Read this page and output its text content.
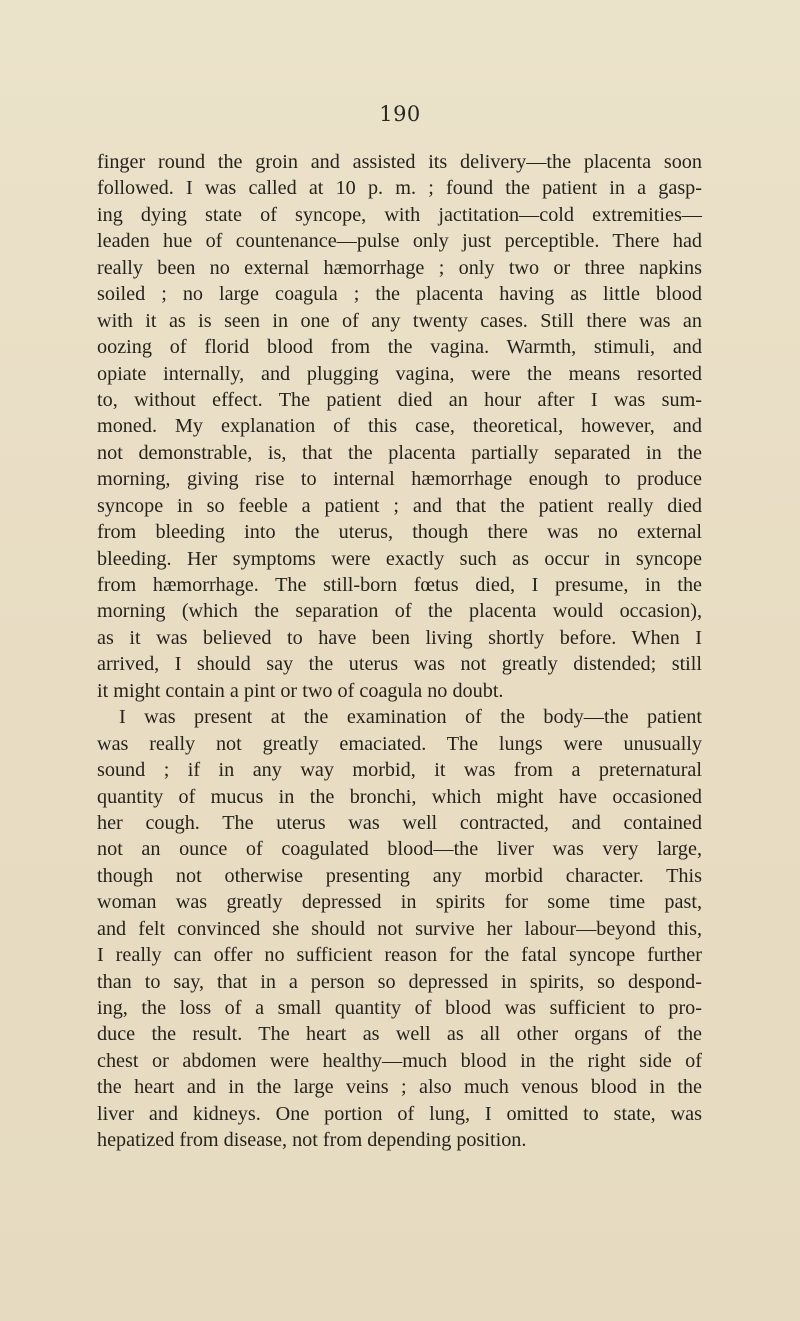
190
finger round the groin and assisted its delivery—the placenta soon
followed. I was called at 10 p. m. ; found the patient in a gasp-
ing dying state of syncope, with jactitation—cold extremities—
leaden hue of countenance—pulse only just perceptible. There had
really been no external hæmorrhage ; only two or three napkins
soiled ; no large coagula ; the placenta having as little blood
with it as is seen in one of any twenty cases. Still there was an
oozing of florid blood from the vagina. Warmth, stimuli, and
opiate internally, and plugging vagina, were the means resorted
to, without effect. The patient died an hour after I was sum-
moned. My explanation of this case, theoretical, however, and
not demonstrable, is, that the placenta partially separated in the
morning, giving rise to internal hæmorrhage enough to produce
syncope in so feeble a patient ; and that the patient really died
from bleeding into the uterus, though there was no external
bleeding. Her symptoms were exactly such as occur in syncope
from hæmorrhage. The still-born fœtus died, I presume, in the
morning (which the separation of the placenta would occasion),
as it was believed to have been living shortly before. When I
arrived, I should say the uterus was not greatly distended; still
it might contain a pint or two of coagula no doubt.
I was present at the examination of the body—the patient
was really not greatly emaciated. The lungs were unusually
sound ; if in any way morbid, it was from a preternatural
quantity of mucus in the bronchi, which might have occasioned
her cough. The uterus was well contracted, and contained
not an ounce of coagulated blood—the liver was very large,
though not otherwise presenting any morbid character. This
woman was greatly depressed in spirits for some time past,
and felt convinced she should not survive her labour—beyond this,
I really can offer no sufficient reason for the fatal syncope further
than to say, that in a person so depressed in spirits, so despond-
ing, the loss of a small quantity of blood was sufficient to pro-
duce the result. The heart as well as all other organs of the
chest or abdomen were healthy—much blood in the right side of
the heart and in the large veins ; also much venous blood in the
liver and kidneys. One portion of lung, I omitted to state, was
hepatized from disease, not from depending position.
